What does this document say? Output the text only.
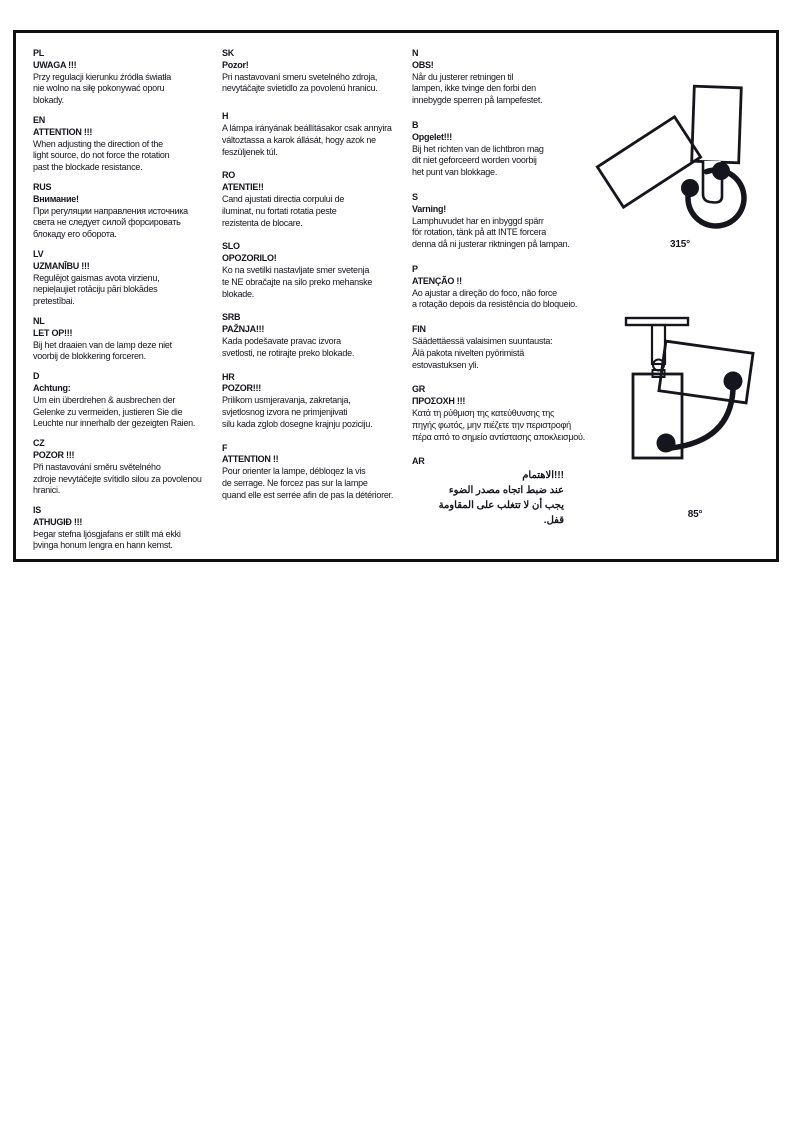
PL
UWAGA !!!
Przy regulacji kierunku źródła światła
nie wolno na siłę pokonywać oporu
blokady.
EN
ATTENTION !!!
When adjusting the direction of the
light source, do not force the rotation
past the blockade resistance.
RUS
Внимание!
При регуляции направления источника
света не следует силой форсировать
блокаду его оборота.
LV
UZMANĪBU !!!
Regulējot gaismas avota virzienu,
nepieļaujiet rotāciju pāri blokādes
pretestībai.
NL
LET OP!!!
Bij het draaien van de lamp deze niet
voorbij de blokkering forceren.
D
Achtung:
Um ein überdrehen & ausbrechen der
Gelenke zu vermeiden, justieren Sie die
Leuchte nur innerhalb der gezeigten Raien.
CZ
POZOR !!!
Při nastavování směru světelného
zdroje nevytáčejte svítidlo silou za povolenou
hranici.
IS
ATHUGIÐ !!!
Þegar stefna ljósgjafans er stillt má ekki
þvinga honum lengra en hann kemst.
SK
Pozor!
Pri nastavovaní smeru svetelného zdroja,
nevytáčajte svietidlo za povolenú hranicu.
H
A lámpa irányának beállításakor csak annyira
változtassa a karok állását, hogy azok ne
feszüljenek túl.
RO
ATENTIE!!
Cand ajustati directia corpului de
iluminat, nu fortati rotatia peste
rezistenta de blocare.
SLO
OPOZORILO!
Ko na svetilki nastavljate smer svetenja
te NE obračajte na silo preko mehanske
blokade.
SRB
PAŽNJA!!!
Kada podešavate pravac izvora
svetlosti, ne rotirajte preko blokade.
HR
POZOR!!!
Prilikom usmjeravanja, zakretanja,
svjetlosnog izvora ne primjenjivati
silu kada zglob dosegne krajnju poziciju.
F
ATTENTION !!
Pour orienter la lampe, débloqez la vis
de serrage. Ne forcez pas sur la lampe
quand elle est serrée afin de pas la détériorer.
N
OBS!
Når du justerer retningen til
lampen, ikke tvinge den forbi den
innebygde sperren på lampefestet.
B
Opgelet!!!
Bij het richten van de lichtbron mag
dit niet geforceerd worden voorbij
het punt van blokkage.
S
Varning!
Lamphuvudet har en inbyggd spärr
för rotation, tänk på att INTE forcera
denna då ni justerar riktningen på lampan.
P
ATENÇÃO !!
Ao ajustar a direção do foco, não force
a rotação depois da resistência do bloqueio.
FIN
Säädettäessä valaisimen suuntausta:
Älä pakota nivelten pyörimistä
estovastuksen yli.
GR
ΠΡΟΣΟΧΗ !!!
Κατά τη ρύθμιση της κατεύθυνσης της
πηγής φωτός, μην πιέζετε την περιστροφή
πέρα από το σημείο αντίστασης αποκλεισμού.
AR
مامتهالا!!!
ءوضلا ردصم هاجتا طبض دنع
ةمواقملا ىلع بلغتت ال نأ بجي
.لفق
315°
85°
